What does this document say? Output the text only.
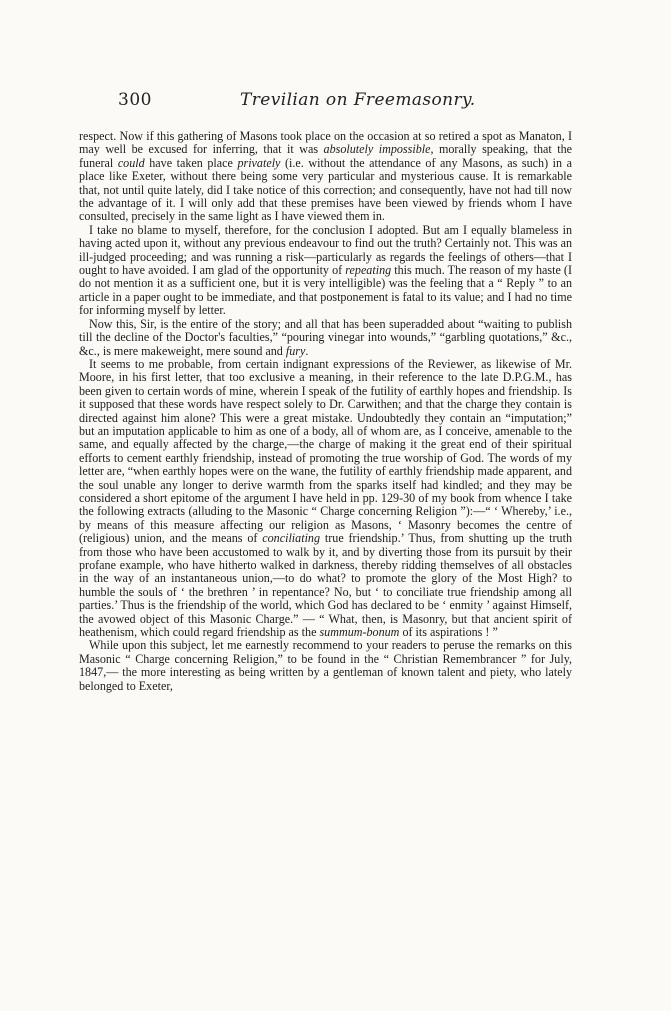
300	Trevilian on Freemasonry.

respect. Now if this gathering of Masons took place on the occasion at so retired a spot as Manaton, I may well be excused for inferring, that it was absolutely impossible, morally speaking, that the funeral could have taken place privately (i.e. without the attendance of any Masons, as such) in a place like Exeter, without there being some very particular and mysterious cause. It is remarkable that, not until quite lately, did I take notice of this correction; and consequently, have not had till now the advantage of it. I will only add that these premises have been viewed by friends whom I have consulted, precisely in the same light as I have viewed them in.

I take no blame to myself, therefore, for the conclusion I adopted. But am I equally blameless in having acted upon it, without any previous endeavour to find out the truth? Certainly not. This was an ill-judged proceeding; and was running a risk—particularly as regards the feelings of others—that I ought to have avoided. I am glad of the opportunity of repeating this much. The reason of my haste (I do not mention it as a sufficient one, but it is very intelligible) was the feeling that a “ Reply ” to an article in a paper ought to be immediate, and that postponement is fatal to its value; and I had no time for informing myself by letter.

Now this, Sir, is the entire of the story; and all that has been superadded about “waiting to publish till the decline of the Doctor's faculties,” “pouring vinegar into wounds,” “garbling quotations,” &c., &c., is mere makeweight, mere sound and fury.

It seems to me probable, from certain indignant expressions of the Reviewer, as likewise of Mr. Moore, in his first letter, that too exclusive a meaning, in their reference to the late D.P.G.M., has been given to certain words of mine, wherein I speak of the futility of earthly hopes and friendship. Is it supposed that these words have respect solely to Dr. Carwithen; and that the charge they contain is directed against him alone? This were a great mistake. Undoubtedly they contain an “imputation;” but an imputation applicable to him as one of a body, all of whom are, as I conceive, amenable to the same, and equally affected by the charge,—the charge of making it the great end of their spiritual efforts to cement earthly friendship, instead of promoting the true worship of God. The words of my letter are, “when earthly hopes were on the wane, the futility of earthly friendship made apparent, and the soul unable any longer to derive warmth from the sparks itself had kindled; and they may be considered a short epitome of the argument I have held in pp. 129-30 of my book from whence I take the following extracts (alluding to the Masonic “ Charge concerning Religion ”):—“ ‘ Whereby,’ i.e., by means of this measure affecting our religion as Masons, ‘ Masonry becomes the centre of (religious) union, and the means of conciliating true friendship.’ Thus, from shutting up the truth from those who have been accustomed to walk by it, and by diverting those from its pursuit by their profane example, who have hitherto walked in darkness, thereby ridding themselves of all obstacles in the way of an instantaneous union,—to do what? to promote the glory of the Most High? to humble the souls of ‘ the brethren ’ in repentance? No, but ‘ to conciliate true friendship among all parties.’ Thus is the friendship of the world, which God has declared to be ‘ enmity ’ against Himself, the avowed object of this Masonic Charge.” — “ What, then, is Masonry, but that ancient spirit of heathenism, which could regard friendship as the summum-bonum of its aspirations ! ”

While upon this subject, let me earnestly recommend to your readers to peruse the remarks on this Masonic “ Charge concerning Religion,” to be found in the “ Christian Remembrancer ” for July, 1847,— the more interesting as being written by a gentleman of known talent and piety, who lately belonged to Exeter,
